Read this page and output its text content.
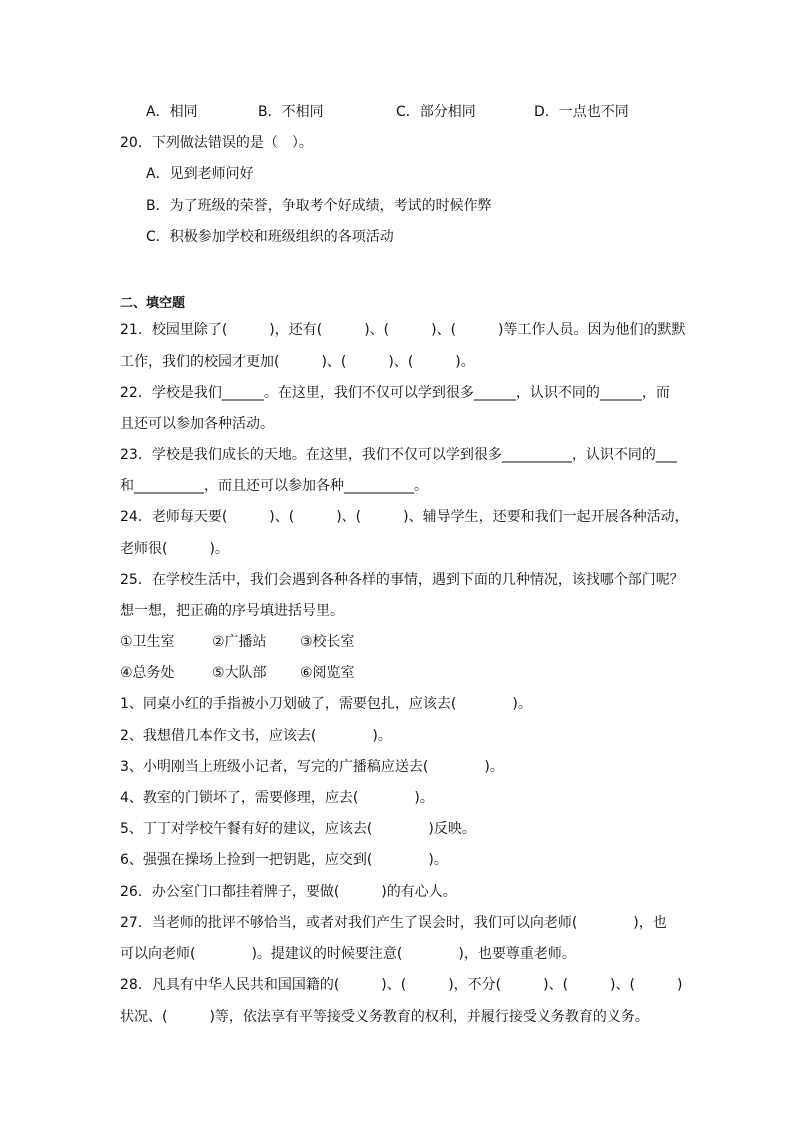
A．相同	B．不相同	C．部分相同	D．一点也不同
20．下列做法错误的是（　）。
A．见到老师问好
B．为了班级的荣誉，争取考个好成绩，考试的时候作弊
C．积极参加学校和班级组织的各项活动
二、填空题
21．校园里除了(　　　)，还有(　　　)、(　　　)、(　　　)等工作人员。因为他们的默默
工作，我们的校园才更加(　　　)、(　　　)、(　　　)。
22．学校是我们______。在这里，我们不仅可以学到很多______，认识不同的______，而
且还可以参加各种活动。
23．学校是我们成长的天地。在这里，我们不仅可以学到很多__________，认识不同的___
和__________，而且还可以参加各种__________。
24．老师每天要(　　　)、(　　　)、(　　　)、辅导学生，还要和我们一起开展各种活动，
老师很(　　　)。
25．在学校生活中，我们会遇到各种各样的事情，遇到下面的几种情况，该找哪个部门呢？
想一想，把正确的序号填进括号里。
①卫生室	②广播站 ③校长室
④总务处	⑤大队部 ⑥阅览室
1、同桌小红的手指被小刀划破了，需要包扎，应该去(　　　　)。
2、我想借几本作文书，应该去(　　　　)。
3、小明刚当上班级小记者，写完的广播稿应送去(　　　　)。
4、教室的门锁坏了，需要修理，应去(　　　　)。
5、丁丁对学校午餐有好的建议，应该去(　　　　)反映。
6、强强在操场上捡到一把钥匙，应交到(　　　　)。
26．办公室门口都挂着牌子，要做(　　　)的有心人。
27．当老师的批评不够恰当，或者对我们产生了误会时，我们可以向老师(　　　　)，也
可以向老师(　　　　)。提建议的时候要注意(　　　　)，也要尊重老师。
28．凡具有中华人民共和国国籍的(　　　)、(　　　)，不分(　　　)、(　　　)、(　　　)
状况、(　　　)等，依法享有平等接受义务教育的权利，并履行接受义务教育的义务。
